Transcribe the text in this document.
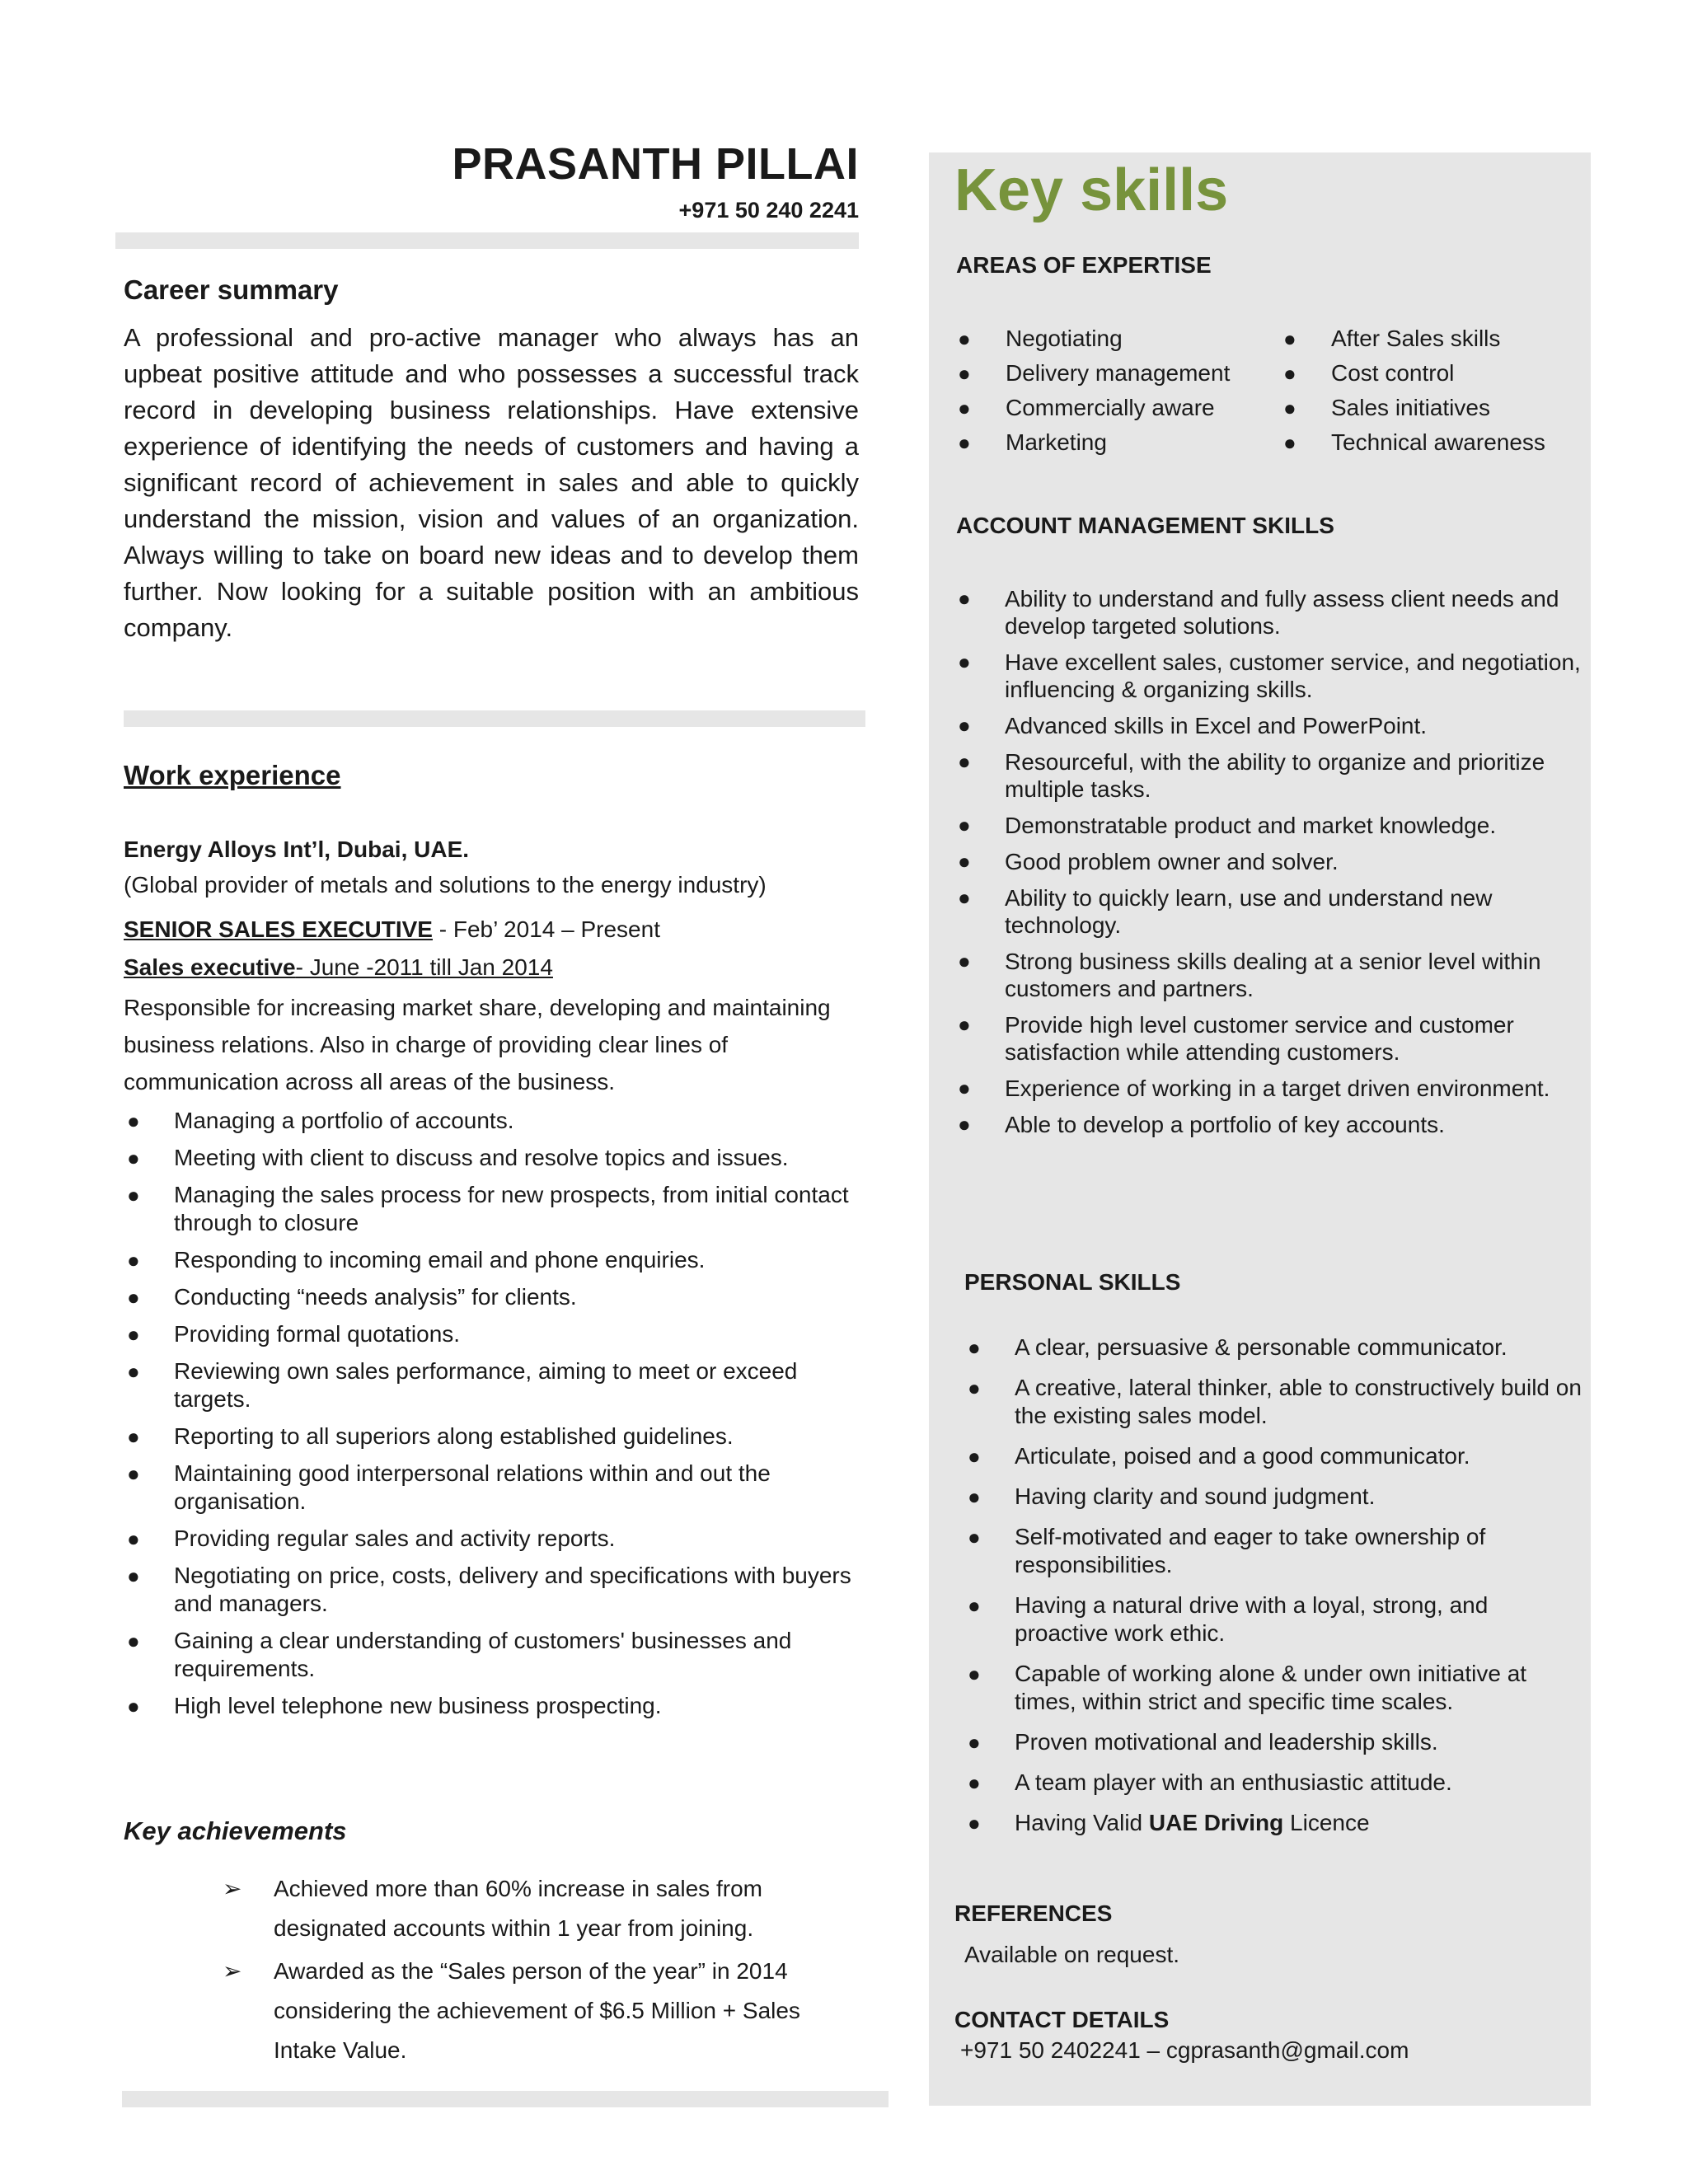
PRASANTH PILLAI
+971 50 240 2241
Career summary
A professional and pro-active manager who always has an upbeat positive attitude and who possesses a successful track record in developing business relationships. Have extensive experience of identifying the needs of customers and having a significant record of achievement in sales and able to quickly understand the mission, vision and values of an organization. Always willing to take on board new ideas and to develop them further. Now looking for a suitable position with an ambitious company.
Work experience
Energy Alloys Int’l, Dubai, UAE.
(Global provider of metals and solutions to the energy industry)
SENIOR SALES EXECUTIVE - Feb’ 2014 – Present
Sales executive- June -2011 till Jan 2014
Responsible for increasing market share, developing and maintaining business relations. Also in charge of providing clear lines of communication across all areas of the business.
● Managing a portfolio of accounts.
● Meeting with client to discuss and resolve topics and issues.
● Managing the sales process for new prospects, from initial contact through to closure
● Responding to incoming email and phone enquiries.
● Conducting “needs analysis” for clients.
● Providing formal quotations.
● Reviewing own sales performance, aiming to meet or exceed targets.
● Reporting to all superiors along established guidelines.
● Maintaining good interpersonal relations within and out the organisation.
● Providing regular sales and activity reports.
● Negotiating on price, costs, delivery and specifications with buyers and managers.
● Gaining a clear understanding of customers' businesses and requirements.
● High level telephone new business prospecting.
Key achievements
➢ Achieved more than 60% increase in sales from designated accounts within 1 year from joining.
➢ Awarded as the “Sales person of the year” in 2014 considering the achievement of $6.5 Million + Sales Intake Value.
Key skills
AREAS OF EXPERTISE
● Negotiating
● Delivery management
● Commercially aware
● Marketing
● After Sales skills
● Cost control
● Sales initiatives
● Technical awareness
ACCOUNT MANAGEMENT SKILLS
● Ability to understand and fully assess client needs and develop targeted solutions.
● Have excellent sales, customer service, and negotiation, influencing & organizing skills.
● Advanced skills in Excel and PowerPoint.
● Resourceful, with the ability to organize and prioritize multiple tasks.
● Demonstratable product and market knowledge.
● Good problem owner and solver.
● Ability to quickly learn, use and understand new technology.
● Strong business skills dealing at a senior level within customers and partners.
● Provide high level customer service and customer satisfaction while attending customers.
● Experience of working in a target driven environment.
● Able to develop a portfolio of key accounts.
PERSONAL SKILLS
● A clear, persuasive & personable communicator.
● A creative, lateral thinker, able to constructively build on the existing sales model.
● Articulate, poised and a good communicator.
● Having clarity and sound judgment.
● Self-motivated and eager to take ownership of responsibilities.
● Having a natural drive with a loyal, strong, and proactive work ethic.
● Capable of working alone & under own initiative at times, within strict and specific time scales.
● Proven motivational and leadership skills.
● A team player with an enthusiastic attitude.
● Having Valid UAE Driving Licence
REFERENCES
Available on request.
CONTACT DETAILS
+971 50 2402241 – cgprasanth@gmail.com
